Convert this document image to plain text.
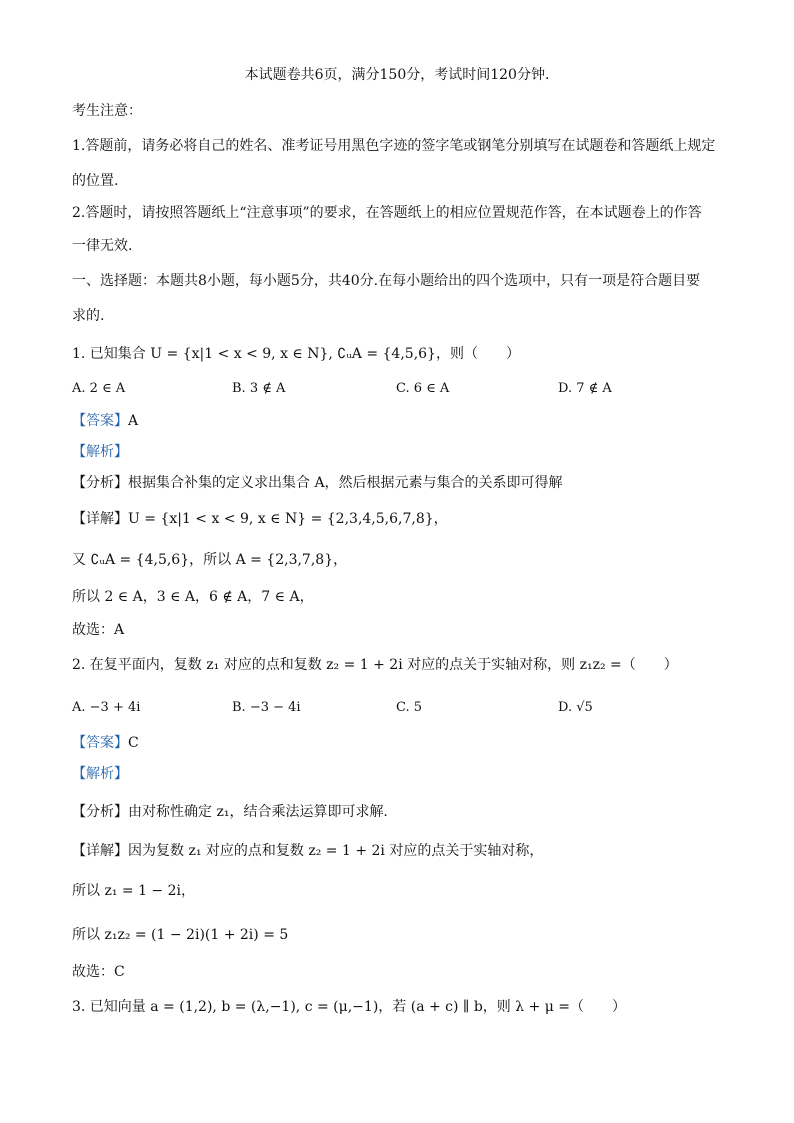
本试题卷共6页，满分150分，考试时间120分钟.
考生注意：
1.答题前，请务必将自己的姓名、准考证号用黑色字迹的签字笔或钢笔分别填写在试题卷和答题纸上规定
的位置.
2.答题时，请按照答题纸上“注意事项”的要求，在答题纸上的相应位置规范作答，在本试题卷上的作答
一律无效.
一、选择题：本题共8小题，每小题5分，共40分.在每小题给出的四个选项中，只有一项是符合题目要
求的.
1. 已知集合 U = {x|1 < x < 9, x ∈ N}, ∁ᵤA = {4,5,6}，则（　　）
A. 2 ∈ A	B. 3 ∉ A	C. 6 ∈ A	D. 7 ∉ A
【答案】A
【解析】
【分析】根据集合补集的定义求出集合 A，然后根据元素与集合的关系即可得解
【详解】U = {x|1 < x < 9, x ∈ N} = {2,3,4,5,6,7,8}，
又 ∁ᵤA = {4,5,6}，所以 A = {2,3,7,8}，
所以 2 ∈ A，3 ∈ A，6 ∉ A，7 ∈ A，
故选：A
2. 在复平面内，复数 z₁ 对应的点和复数 z₂ = 1 + 2i 对应的点关于实轴对称，则 z₁z₂ =（　　）
A. −3 + 4i	B. −3 − 4i	C. 5	D. √5
【答案】C
【解析】
【分析】由对称性确定 z₁，结合乘法运算即可求解.
【详解】因为复数 z₁ 对应的点和复数 z₂ = 1 + 2i 对应的点关于实轴对称，
所以 z₁ = 1 − 2i，
所以 z₁z₂ = (1 − 2i)(1 + 2i) = 5
故选：C
3. 已知向量 a = (1,2), b = (λ,−1), c = (μ,−1)，若 (a + c) ∥ b，则 λ + μ =（　　）
